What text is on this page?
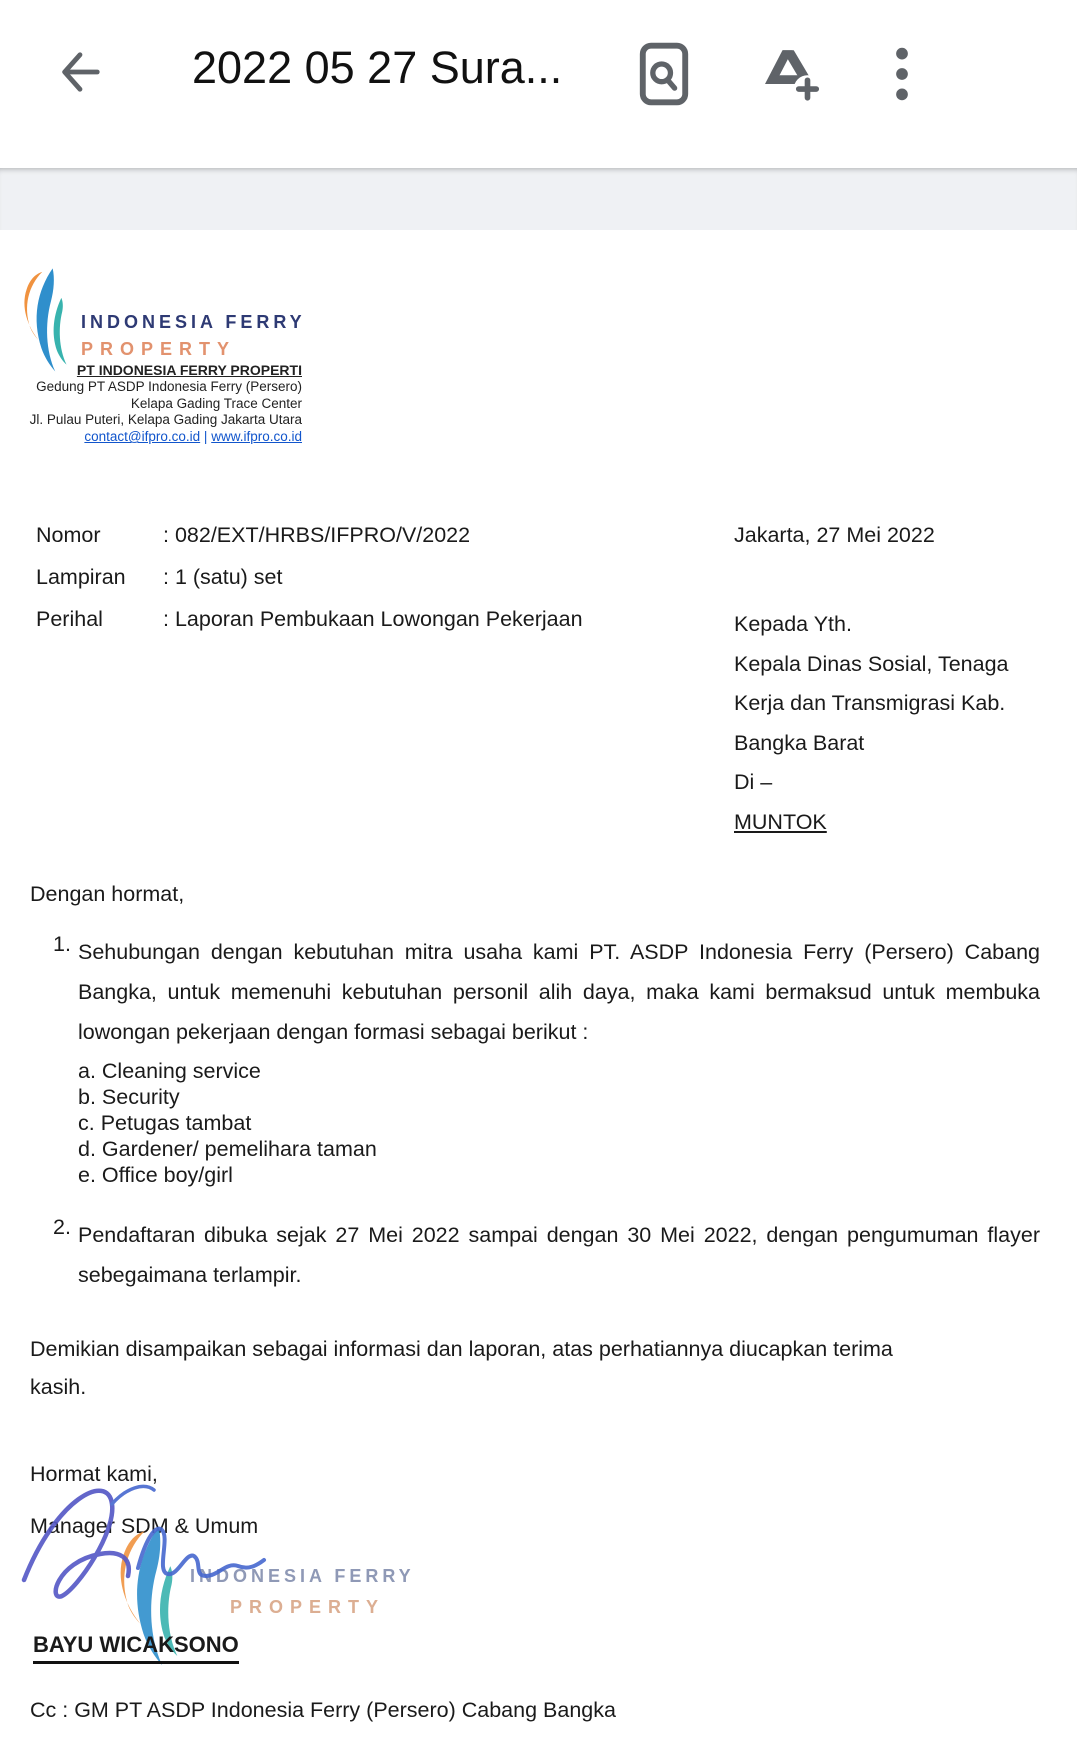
2022 05 27 Sura...
INDONESIA FERRY
PROPERTY
PT INDONESIA FERRY PROPERTI
Gedung PT ASDP Indonesia Ferry (Persero)
Kelapa Gading Trace Center
Jl. Pulau Puteri, Kelapa Gading Jakarta Utara
contact@ifpro.co.id | www.ifpro.co.id
Nomor	: 082/EXT/HRBS/IFPRO/V/2022
Lampiran : 1 (satu) set
Perihal	: Laporan Pembukaan Lowongan Pekerjaan
Jakarta, 27 Mei 2022
Kepada Yth.
Kepala Dinas Sosial, Tenaga
Kerja dan Transmigrasi Kab.
Bangka Barat
Di –
MUNTOK
Dengan hormat,
1. Sehubungan dengan kebutuhan mitra usaha kami PT. ASDP Indonesia Ferry (Persero) Cabang Bangka, untuk memenuhi kebutuhan personil alih daya, maka kami bermaksud untuk membuka lowongan pekerjaan dengan formasi sebagai berikut :
a. Cleaning service
b. Security
c. Petugas tambat
d. Gardener/ pemelihara taman
e. Office boy/girl
2. Pendaftaran dibuka sejak 27 Mei 2022 sampai dengan 30 Mei 2022, dengan pengumuman flayer sebegaimana terlampir.
Demikian disampaikan sebagai informasi dan laporan, atas perhatiannya diucapkan terima
kasih.
Hormat kami,
Manager SDM & Umum
INDONESIA FERRY
PROPERTY
BAYU WICAKSONO
Cc : GM PT ASDP Indonesia Ferry (Persero) Cabang Bangka
